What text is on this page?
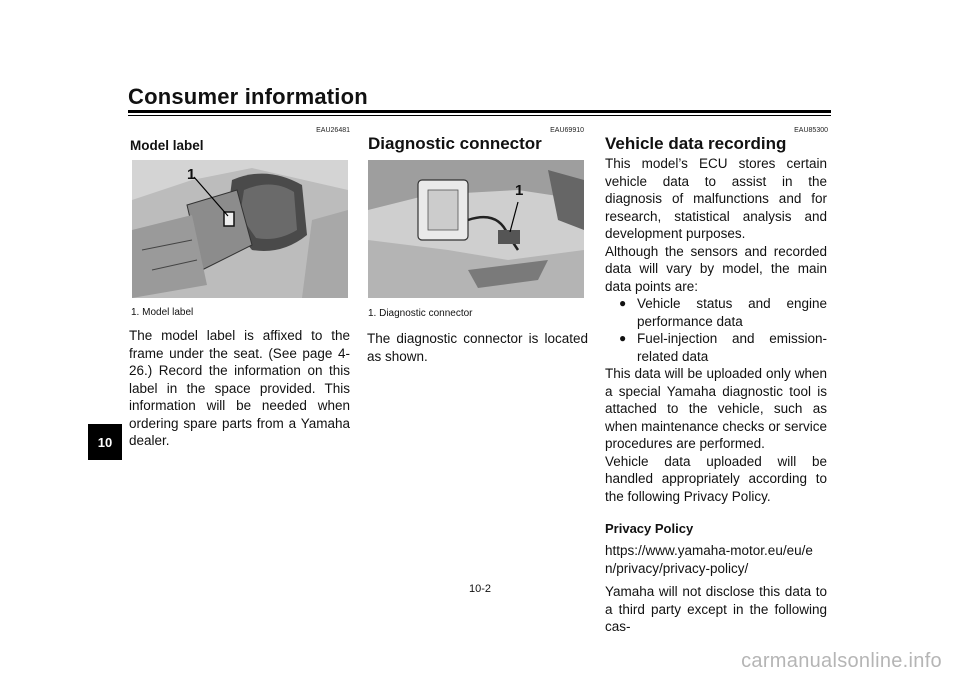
Consumer information
10
EAU26481
Model label
1
1. Model label

The model label is affixed to the frame under the seat. (See page 4-26.) Record the information on this label in the space provided. This information will be needed when ordering spare parts from a Yamaha dealer.

EAU69910
Diagnostic connector
1
1. Diagnostic connector

The diagnostic connector is located as shown.

EAU85300
Vehicle data recording

This model’s ECU stores certain vehicle data to assist in the diagnosis of malfunctions and for research, statistical analysis and development purposes.

Although the sensors and recorded data will vary by model, the main data points are:

● Vehicle status and engine performance data
● Fuel-injection and emission-related data

This data will be uploaded only when a special Yamaha diagnostic tool is attached to the vehicle, such as when maintenance checks or service procedures are performed.

Vehicle data uploaded will be handled appropriately according to the following Privacy Policy.

Privacy Policy

https://www.yamaha-motor.eu/eu/en/privacy/privacy-policy/

Yamaha will not disclose this data to a third party except in the following cas-

10-2
carmanualsonline.info
